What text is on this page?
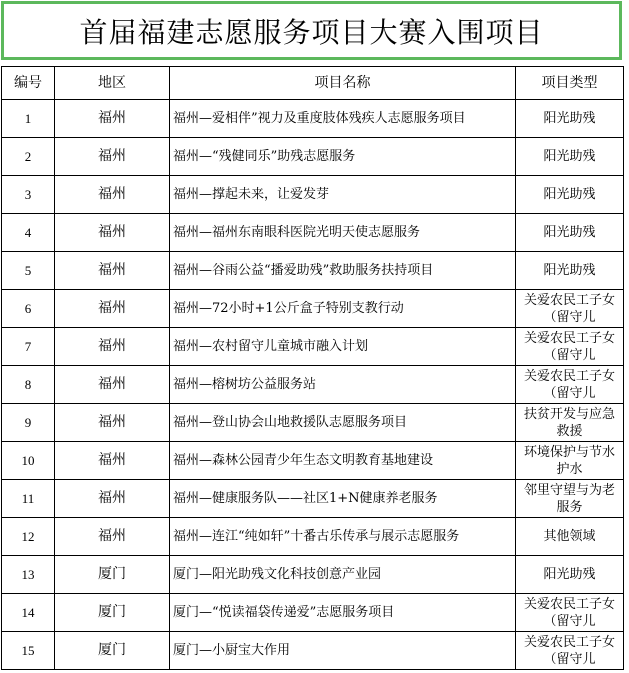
首届福建志愿服务项目大赛入围项目
编号	地区	项目名称	项目类型

1	福州	福州—爱相伴”视力及重度肢体残疾人志愿服务项目	阳光助残

2	福州	福州—“残健同乐”助残志愿服务	阳光助残

3	福州	福州—撑起未来，让爱发芽	阳光助残

4	福州	福州—福州东南眼科医院光明天使志愿服务	阳光助残

5	福州	福州—谷雨公益“播爱助残”救助服务扶持项目	阳光助残

6	福州	福州—72小时+1公斤盒子特别支教行动	关爱农民工子女（留守儿

7	福州	福州—农村留守儿童城市融入计划	关爱农民工子女（留守儿

8	福州	福州—榕树坊公益服务站	关爱农民工子女（留守儿

9	福州	福州—登山协会山地救援队志愿服务项目	扶贫开发与应急救援

10	福州	福州—森林公园青少年生态文明教育基地建设	环境保护与节水护水

11	福州	福州—健康服务队——社区1+N健康养老服务	邻里守望与为老服务

12	福州	福州—连江“纯如轩”十番古乐传承与展示志愿服务	其他领域

13	厦门	厦门—阳光助残文化科技创意产业园	阳光助残

14	厦门	厦门—“悦读福袋传递爱”志愿服务项目	关爱农民工子女（留守儿

15	厦门	厦门—小厨宝大作用	关爱农民工子女（留守儿
